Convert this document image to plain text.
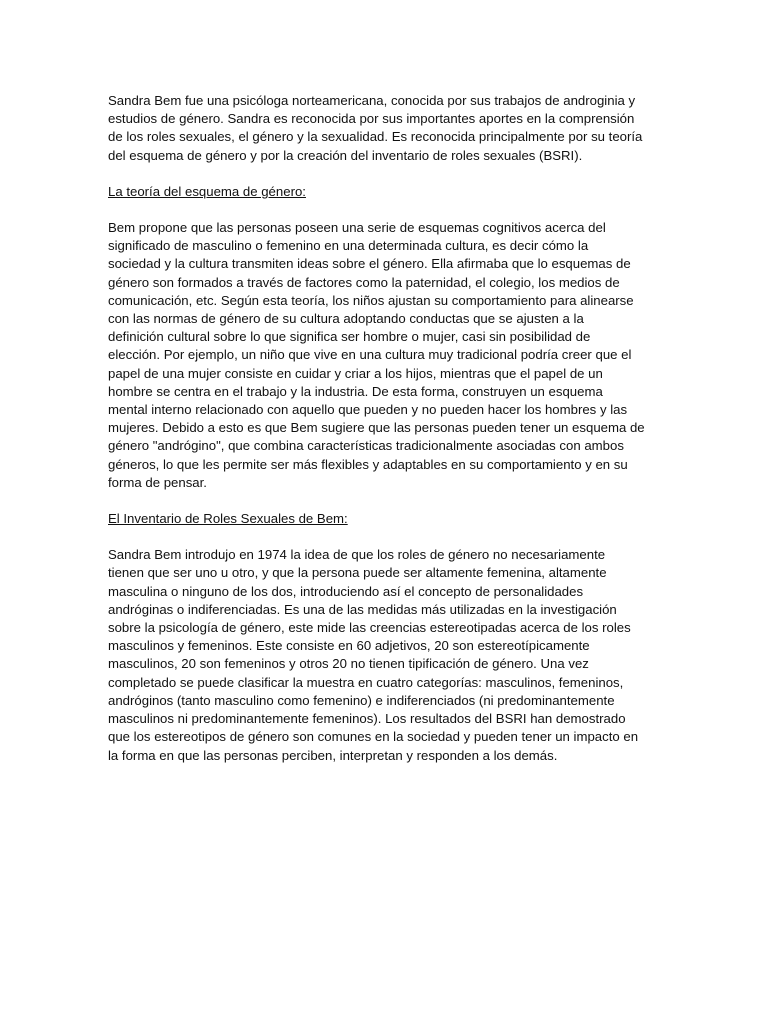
Sandra Bem fue una psicóloga norteamericana, conocida por sus trabajos de androginia y
estudios de género. Sandra es reconocida por sus importantes aportes en la comprensión
de los roles sexuales, el género y la sexualidad. Es reconocida principalmente por su teoría
del esquema de género y por la creación del inventario de roles sexuales (BSRI).

La teoría del esquema de género:

Bem propone que las personas poseen una serie de esquemas cognitivos acerca del
significado de masculino o femenino en una determinada cultura, es decir cómo la
sociedad y la cultura transmiten ideas sobre el género. Ella afirmaba que lo esquemas de
género son formados a través de factores como la paternidad, el colegio, los medios de
comunicación, etc. Según esta teoría, los niños ajustan su comportamiento para alinearse
con las normas de género de su cultura adoptando conductas que se ajusten a la
definición cultural sobre lo que significa ser hombre o mujer, casi sin posibilidad de
elección. Por ejemplo, un niño que vive en una cultura muy tradicional podría creer que el
papel de una mujer consiste en cuidar y criar a los hijos, mientras que el papel de un
hombre se centra en el trabajo y la industria. De esta forma, construyen un esquema
mental interno relacionado con aquello que pueden y no pueden hacer los hombres y las
mujeres. Debido a esto es que Bem sugiere que las personas pueden tener un esquema de
género "andrógino", que combina características tradicionalmente asociadas con ambos
géneros, lo que les permite ser más flexibles y adaptables en su comportamiento y en su
forma de pensar.

El Inventario de Roles Sexuales de Bem:

Sandra Bem introdujo en 1974 la idea de que los roles de género no necesariamente
tienen que ser uno u otro, y que la persona puede ser altamente femenina, altamente
masculina o ninguno de los dos, introduciendo así el concepto de personalidades
andróginas o indiferenciadas. Es una de las medidas más utilizadas en la investigación
sobre la psicología de género, este mide las creencias estereotipadas acerca de los roles
masculinos y femeninos. Este consiste en 60 adjetivos, 20 son estereotípicamente
masculinos, 20 son femeninos y otros 20 no tienen tipificación de género. Una vez
completado se puede clasificar la muestra en cuatro categorías: masculinos, femeninos,
andróginos (tanto masculino como femenino) e indiferenciados (ni predominantemente
masculinos ni predominantemente femeninos). Los resultados del BSRI han demostrado
que los estereotipos de género son comunes en la sociedad y pueden tener un impacto en
la forma en que las personas perciben, interpretan y responden a los demás.
